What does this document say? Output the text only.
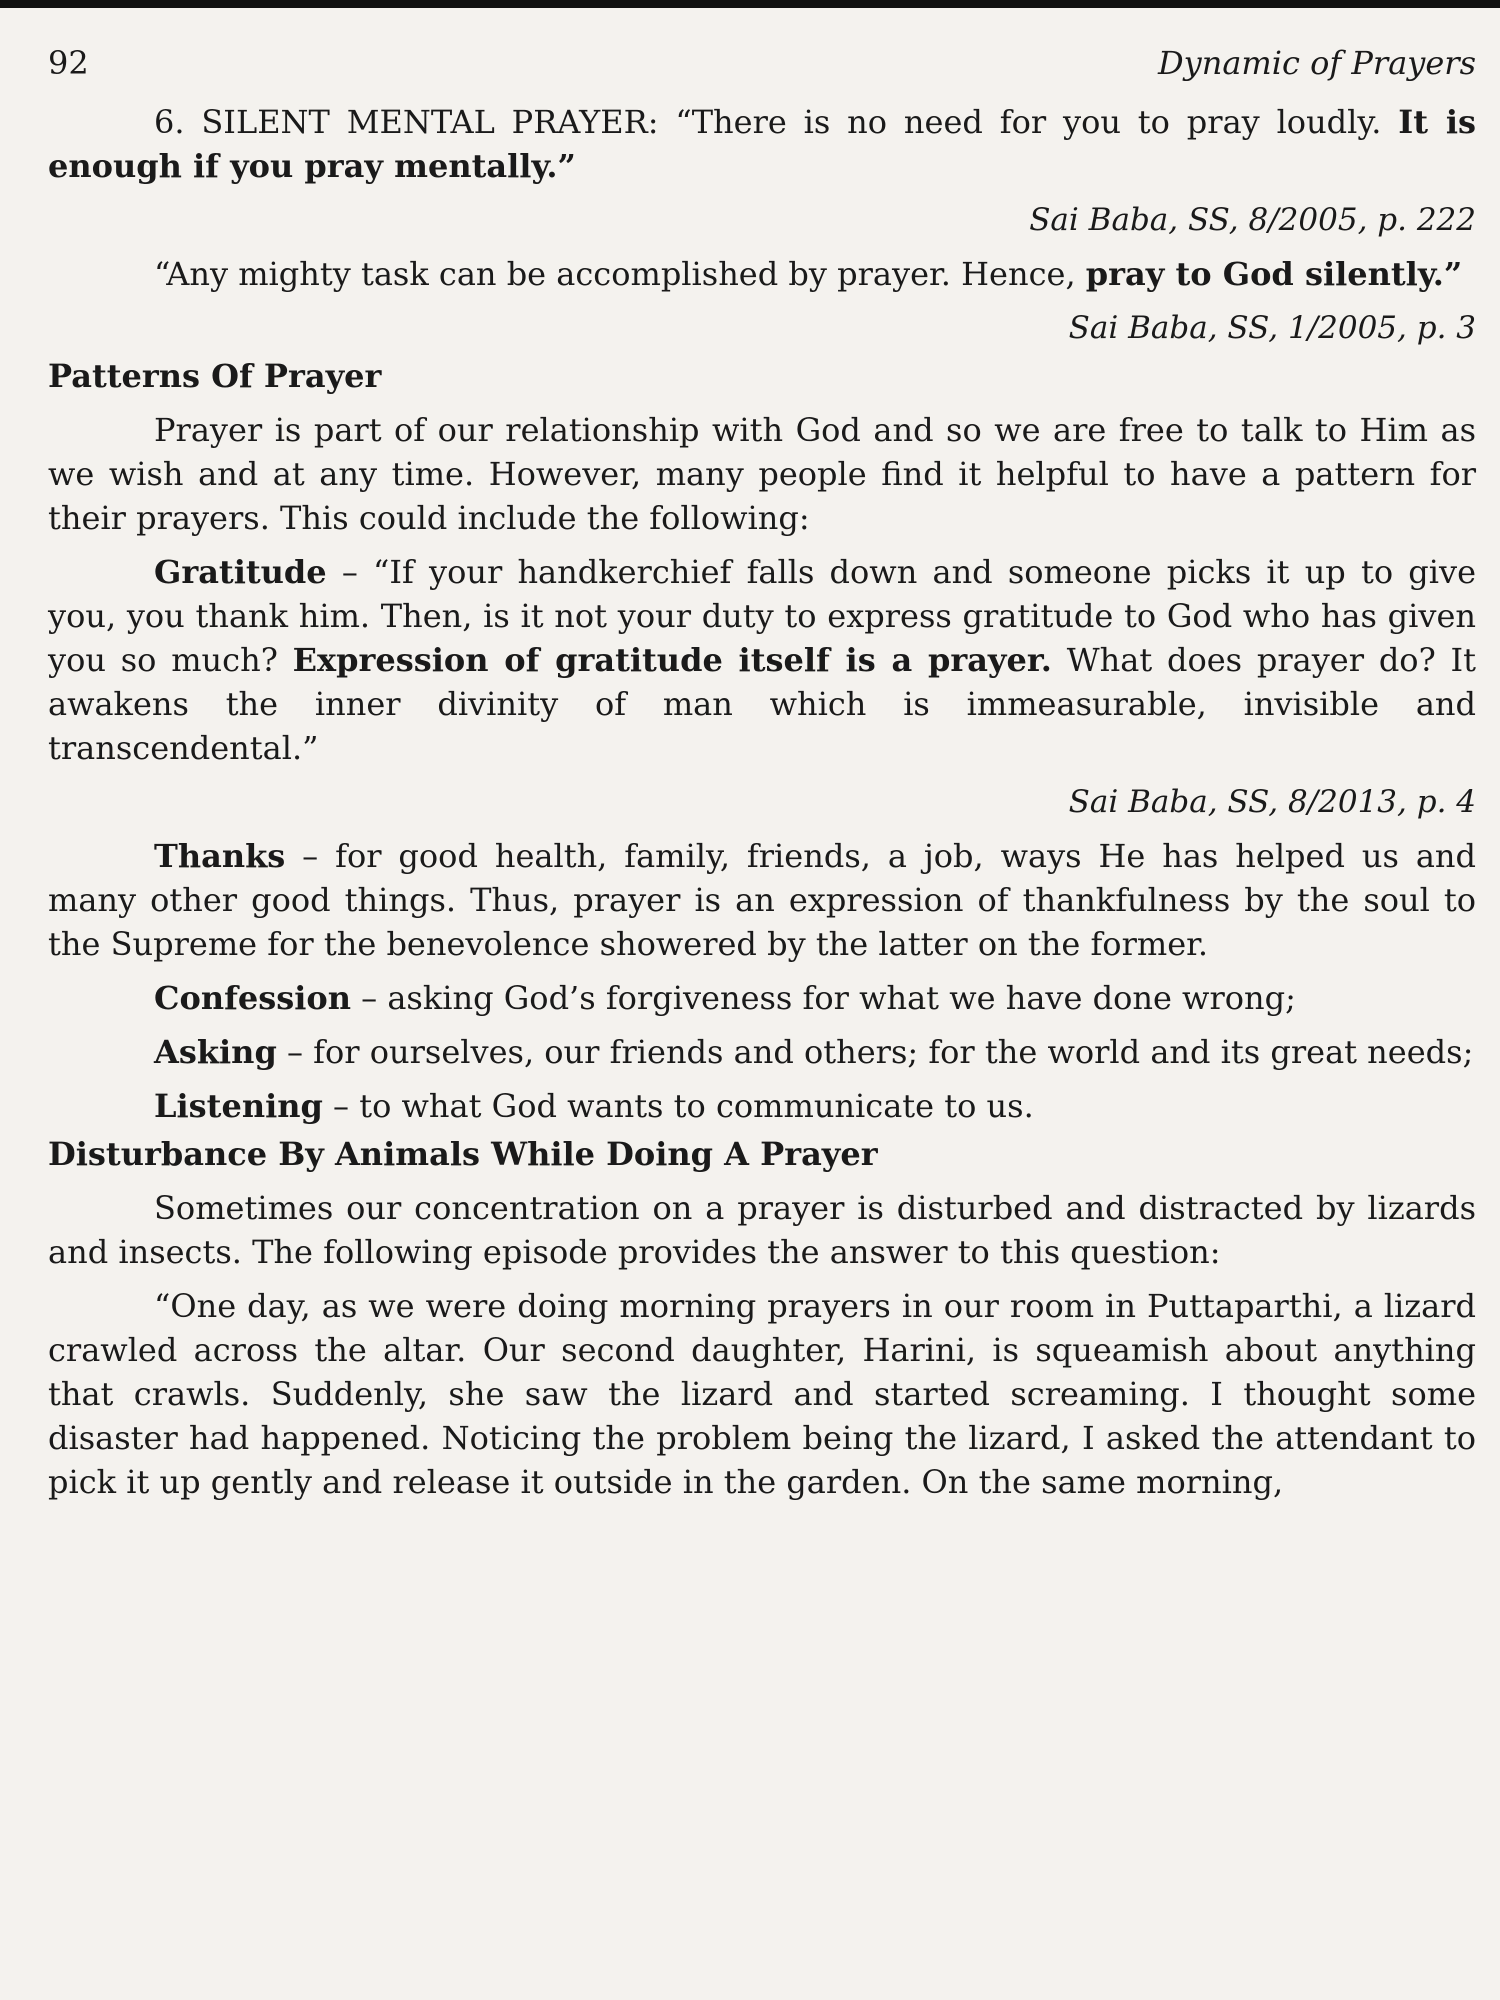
92	Dynamic of Prayers

6. SILENT MENTAL PRAYER: “There is no need for you to pray loudly. It is enough if you pray mentally.”

Sai Baba, SS, 8/2005, p. 222

“Any mighty task can be accomplished by prayer. Hence, pray to God silently.”

Sai Baba, SS, 1/2005, p. 3
Patterns Of Prayer

Prayer is part of our relationship with God and so we are free to talk to Him as we wish and at any time. However, many people find it helpful to have a pattern for their prayers. This could include the following:

Gratitude – “If your handkerchief falls down and someone picks it up to give you, you thank him. Then, is it not your duty to express gratitude to God who has given you so much? Expression of gratitude itself is a prayer. What does prayer do? It awakens the inner divinity of man which is immeasurable, invisible and transcendental.”

Sai Baba, SS, 8/2013, p. 4

Thanks – for good health, family, friends, a job, ways He has helped us and many other good things. Thus, prayer is an expression of thankfulness by the soul to the Supreme for the benevolence showered by the latter on the former.

Confession – asking God’s forgiveness for what we have done wrong;

Asking – for ourselves, our friends and others; for the world and its great needs;

Listening – to what God wants to communicate to us.

Disturbance By Animals While Doing A Prayer

Sometimes our concentration on a prayer is disturbed and distracted by lizards and insects. The following episode provides the answer to this question:

“One day, as we were doing morning prayers in our room in Puttaparthi, a lizard crawled across the altar. Our second daughter, Harini, is squeamish about anything that crawls. Suddenly, she saw the lizard and started screaming. I thought some disaster had happened. Noticing the problem being the lizard, I asked the attendant to pick it up gently and release it outside in the garden. On the same morning,
